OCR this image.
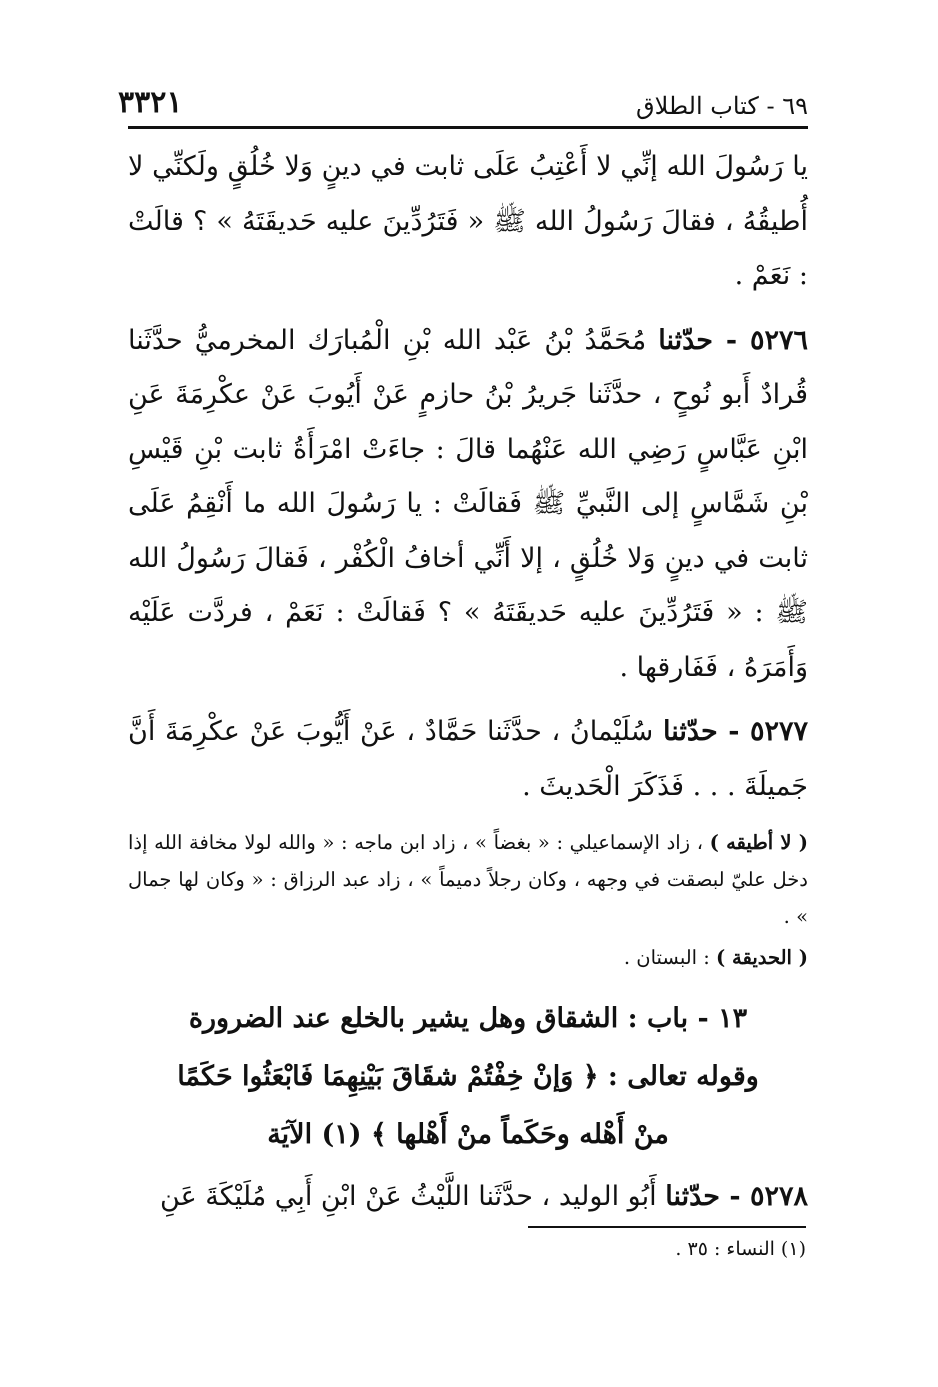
٦٩ - كتاب الطلاق
٣٣٢١

يا رَسُولَ الله إنِّي لا أَعْتِبُ عَلَى ثابت في دينٍ وَلا خُلُقٍ ولَكنِّي لا أُطيقُهُ ، فقالَ رَسُولُ الله ﷺ « فَتَرُدِّينَ عليه حَديقَتَهُ » ؟ قالَتْ : نَعَمْ .

٥٢٧٦ - حدّثنا مُحَمَّدُ بْنُ عَبْد الله بْنِ الْمُبارَك المخرميُّ حدَّثَنا قُرادٌ أَبو نُوحٍ ، حدَّثَنا جَريرُ بْنُ حازمٍ عَنْ أَيُوبَ عَنْ عكْرِمَةَ عَنِ ابْنِ عَبَّاسٍ رَضِي الله عَنْهُما قالَ : جاءَتْ امْرَأَةُ ثابت بْنِ قَيْسِ بْنِ شَمَّاسٍ إلى النَّبيِّ ﷺ فَقالَتْ : يا رَسُولَ الله ما أَنْقِمُ عَلَى ثابت في دينٍ وَلا خُلُقٍ ، إلا أَنِّي أخافُ الْكُفْر ، فَقالَ رَسُولُ الله ﷺ : « فَتَرُدِّينَ عليه حَديقَتَهُ » ؟ فَقالَتْ : نَعَمْ ، فردَّت عَلَيْه وَأَمَرَهُ ، فَفَارقها .

٥٢٧٧ - حدّثنا سُلَيْمانُ ، حدَّثَنا حَمَّادٌ ، عَنْ أَيُّوبَ عَنْ عكْرِمَةَ أَنَّ جَميلَةَ . . . فَذَكَرَ الْحَديثَ .

( لا أطيقه ) ، زاد الإسماعيلي : « بغضاً » ، زاد ابن ماجه : « والله لولا مخافة الله إذا دخل عليّ لبصقت في وجهه ، وكان رجلاً دميماً » ، زاد عبد الرزاق : « وكان لها جمال » .

( الحديقة ) : البستان .

١٣ - باب : الشقاق وهل يشير بالخلع عند الضرورة
وقوله تعالى : ﴿ وَإنْ خِفْتُمْ شقَاقَ بَيْنِهِمَا فَابْعَثُوا حَكَمًا
منْ أَهْله وحَكَماً منْ أَهْلها ﴾ (١) الآيَة

٥٢٧٨ - حدّثنا أَبُو الوليد ، حدَّثَنا اللَّيْثُ عَنْ ابْنِ أَبِي مُلَيْكَةَ عَنِ

(١) النساء : ٣٥ .
